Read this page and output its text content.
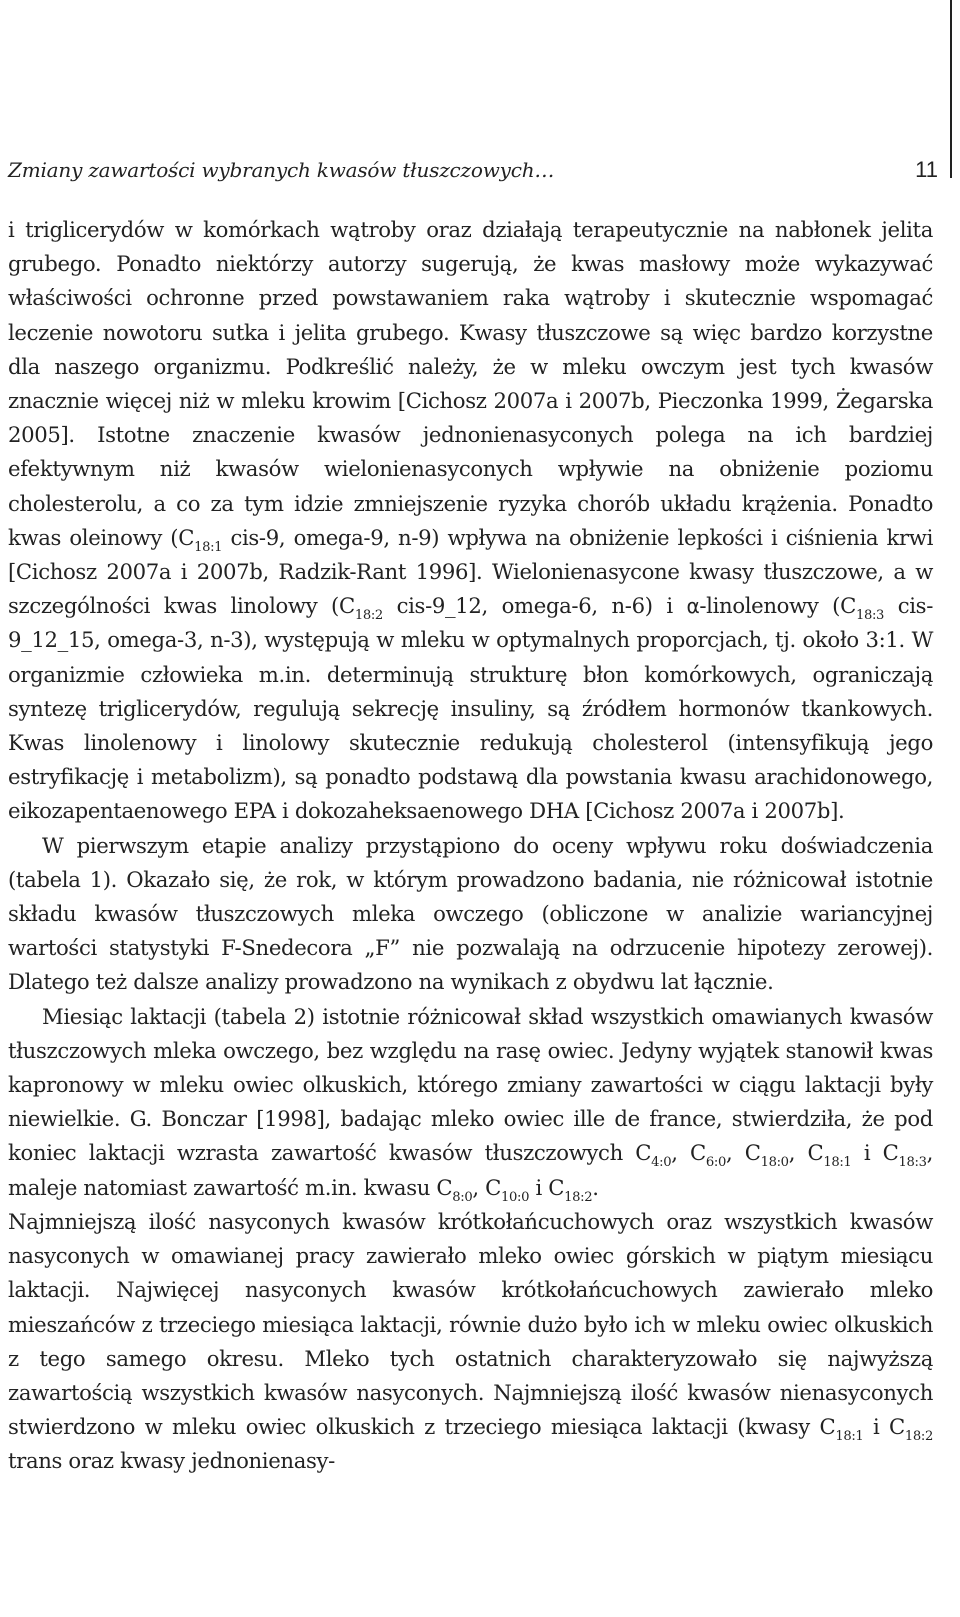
Zmiany zawartości wybranych kwasów tłuszczowych…	11

i triglicerydów w komórkach wątroby oraz działają terapeutycznie na nabłonek jelita grubego. Ponadto niektórzy autorzy sugerują, że kwas masłowy może wykazywać właściwości ochronne przed powstawaniem raka wątroby i skutecznie wspomagać leczenie nowotoru sutka i jelita grubego. Kwasy tłuszczowe są więc bardzo korzystne dla naszego organizmu. Podkreślić należy, że w mleku owczym jest tych kwasów znacznie więcej niż w mleku krowim [Cichosz 2007a i 2007b, Pieczonka 1999, Żegarska 2005]. Istotne znaczenie kwasów jednonienasyconych polega na ich bardziej efektywnym niż kwasów wielonienasyconych wpływie na obniżenie poziomu cholesterolu, a co za tym idzie zmniejszenie ryzyka chorób układu krążenia. Ponadto kwas oleinowy ($C_{18:1}$ cis-9, omega-9, n-9) wpływa na obniżenie lepkości i ciśnienia krwi [Cichosz 2007a i 2007b, Radzik-Rant 1996]. Wielonienasycone kwasy tłuszczowe, a w szczególności kwas linolowy ($C_{18:2}$ cis-9_12, omega-6, n-6) i α-linolenowy ($C_{18:3}$ cis-9_12_15, omega-3, n-3), występują w mleku w optymalnych proporcjach, tj. około 3:1. W organizmie człowieka m.in. determinują strukturę błon komórkowych, ograniczają syntezę triglicerydów, regulują sekrecję insuliny, są źródłem hormonów tkankowych. Kwas linolenowy i linolowy skutecznie redukują cholesterol (intensyfikują jego estryfikację i metabolizm), są ponadto podstawą dla powstania kwasu arachidonowego, eikozapentaenowego EPA i dokozaheksaenowego DHA [Cichosz 2007a i 2007b].

W pierwszym etapie analizy przystąpiono do oceny wpływu roku doświadczenia (tabela 1). Okazało się, że rok, w którym prowadzono badania, nie różnicował istotnie składu kwasów tłuszczowych mleka owczego (obliczone w analizie wariancyjnej wartości statystyki F-Snedecora „F” nie pozwalają na odrzucenie hipotezy zerowej). Dlatego też dalsze analizy prowadzono na wynikach z obydwu lat łącznie.

Miesiąc laktacji (tabela 2) istotnie różnicował skład wszystkich omawianych kwasów tłuszczowych mleka owczego, bez względu na rasę owiec. Jedyny wyjątek stanowił kwas kapronowy w mleku owiec olkuskich, którego zmiany zawartości w ciągu laktacji były niewielkie. G. Bonczar [1998], badając mleko owiec ille de france, stwierdziła, że pod koniec laktacji wzrasta zawartość kwasów tłuszczowych $C_{4:0}$, $C_{6:0}$, $C_{18:0}$, $C_{18:1}$ i $C_{18:3}$, maleje natomiast zawartość m.in. kwasu $C_{8:0}$, $C_{10:0}$ i $C_{18:2}$.

Najmniejszą ilość nasyconych kwasów krótkołańcuchowych oraz wszystkich kwasów nasyconych w omawianej pracy zawierało mleko owiec górskich w piątym miesiącu laktacji. Najwięcej nasyconych kwasów krótkołańcuchowych zawierało mleko mieszańców z trzeciego miesiąca laktacji, równie dużo było ich w mleku owiec olkuskich z tego samego okresu. Mleko tych ostatnich charakteryzowało się najwyższą zawartością wszystkich kwasów nasyconych. Najmniejszą ilość kwasów nienasyconych stwierdzono w mleku owiec olkuskich z trzeciego miesiąca laktacji (kwasy $C_{18:1}$ i $C_{18:2}$ trans oraz kwasy jednonienasy-
